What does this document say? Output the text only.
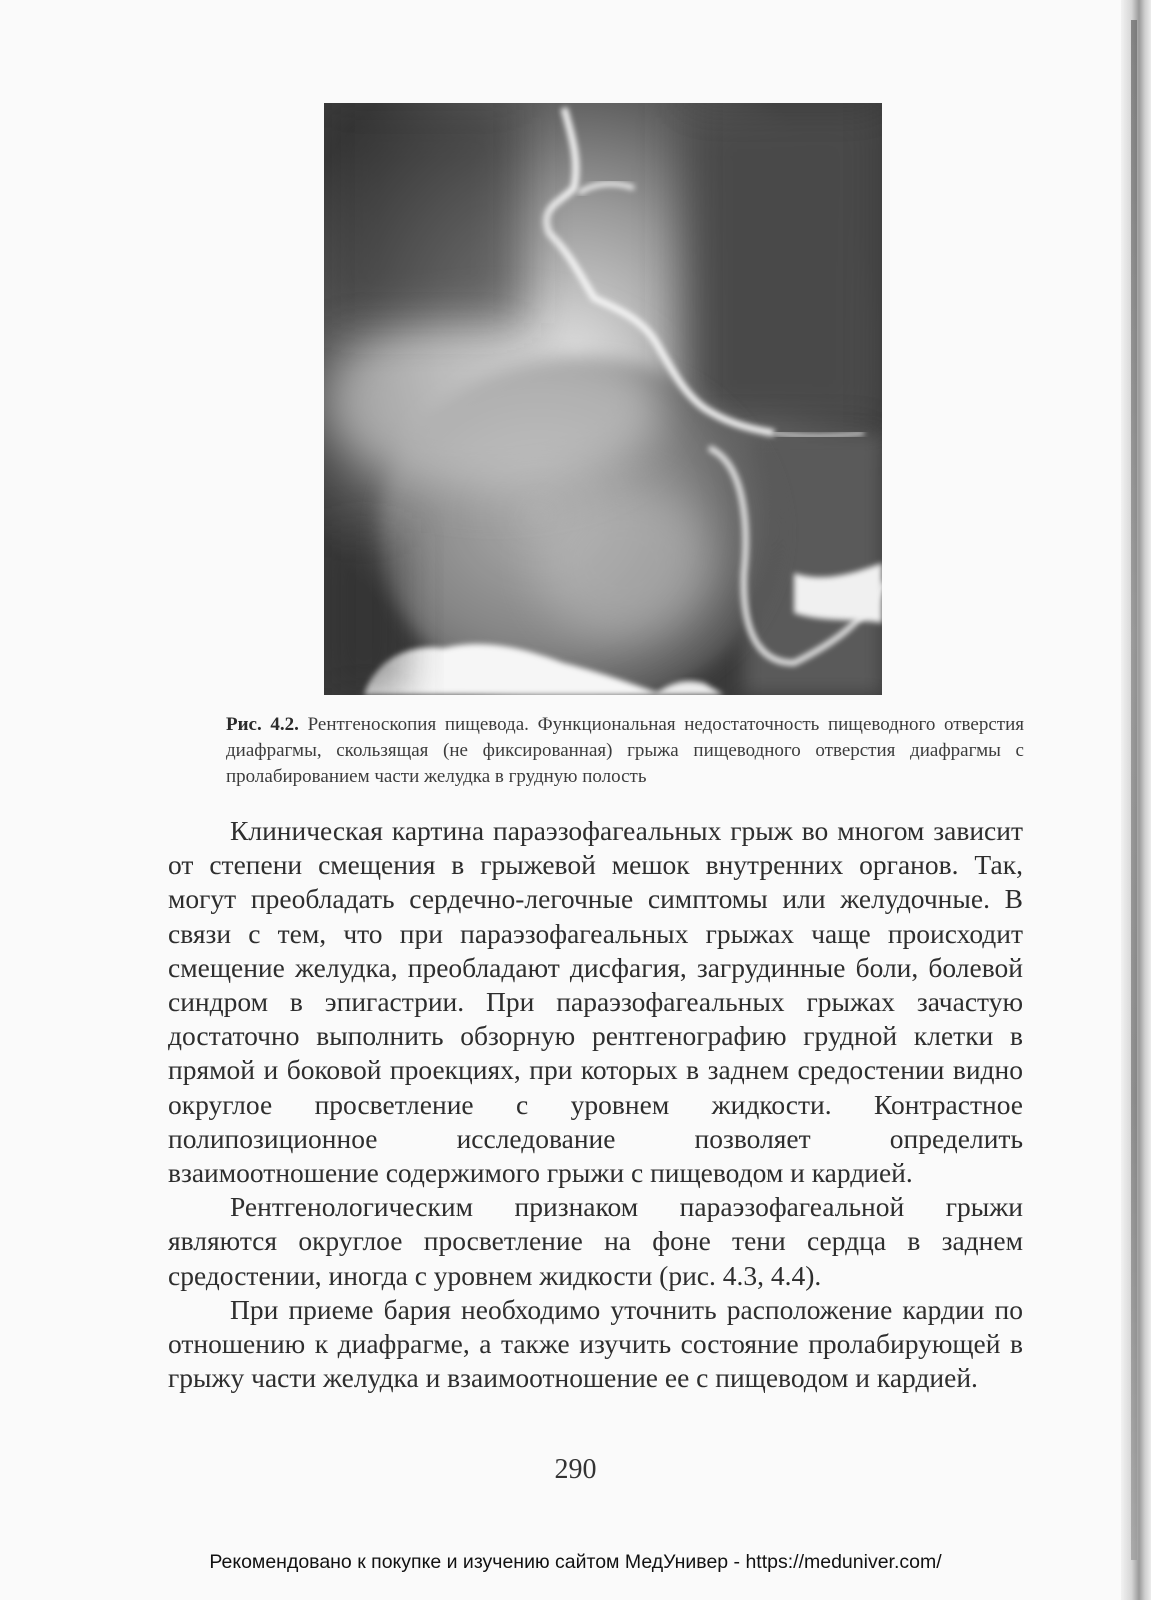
Рис. 4.2. Рентгеноскопия пищевода. Функциональная недостаточность пищеводного отверстия диафрагмы, скользящая (не фиксированная) грыжа пищеводного отверстия диафрагмы с пролабированием части желудка в грудную полость

Клиническая картина параэзофагеальных грыж во многом зависит от степени смещения в грыжевой мешок внутренних органов. Так, могут преобладать сердечно-легочные симптомы или желудочные. В связи с тем, что при параэзофагеальных грыжах чаще происходит смещение желудка, преобладают дисфагия, загрудинные боли, болевой синдром в эпигастрии. При параэзофагеальных грыжах зачастую достаточно выполнить обзорную рентгенографию грудной клетки в прямой и боковой проекциях, при которых в заднем средостении видно округлое просветление с уровнем жидкости. Контрастное полипозиционное исследование позволяет определить взаимоотношение содержимого грыжи с пищеводом и кардией.

Рентгенологическим признаком параэзофагеальной грыжи являются округлое просветление на фоне тени сердца в заднем средостении, иногда с уровнем жидкости (рис. 4.3, 4.4).

При приеме бария необходимо уточнить расположение кардии по отношению к диафрагме, а также изучить состояние пролабирующей в грыжу части желудка и взаимоотношение ее с пищеводом и кардией.

290
Рекомендовано к покупке и изучению сайтом МедУнивер - https://meduniver.com/
